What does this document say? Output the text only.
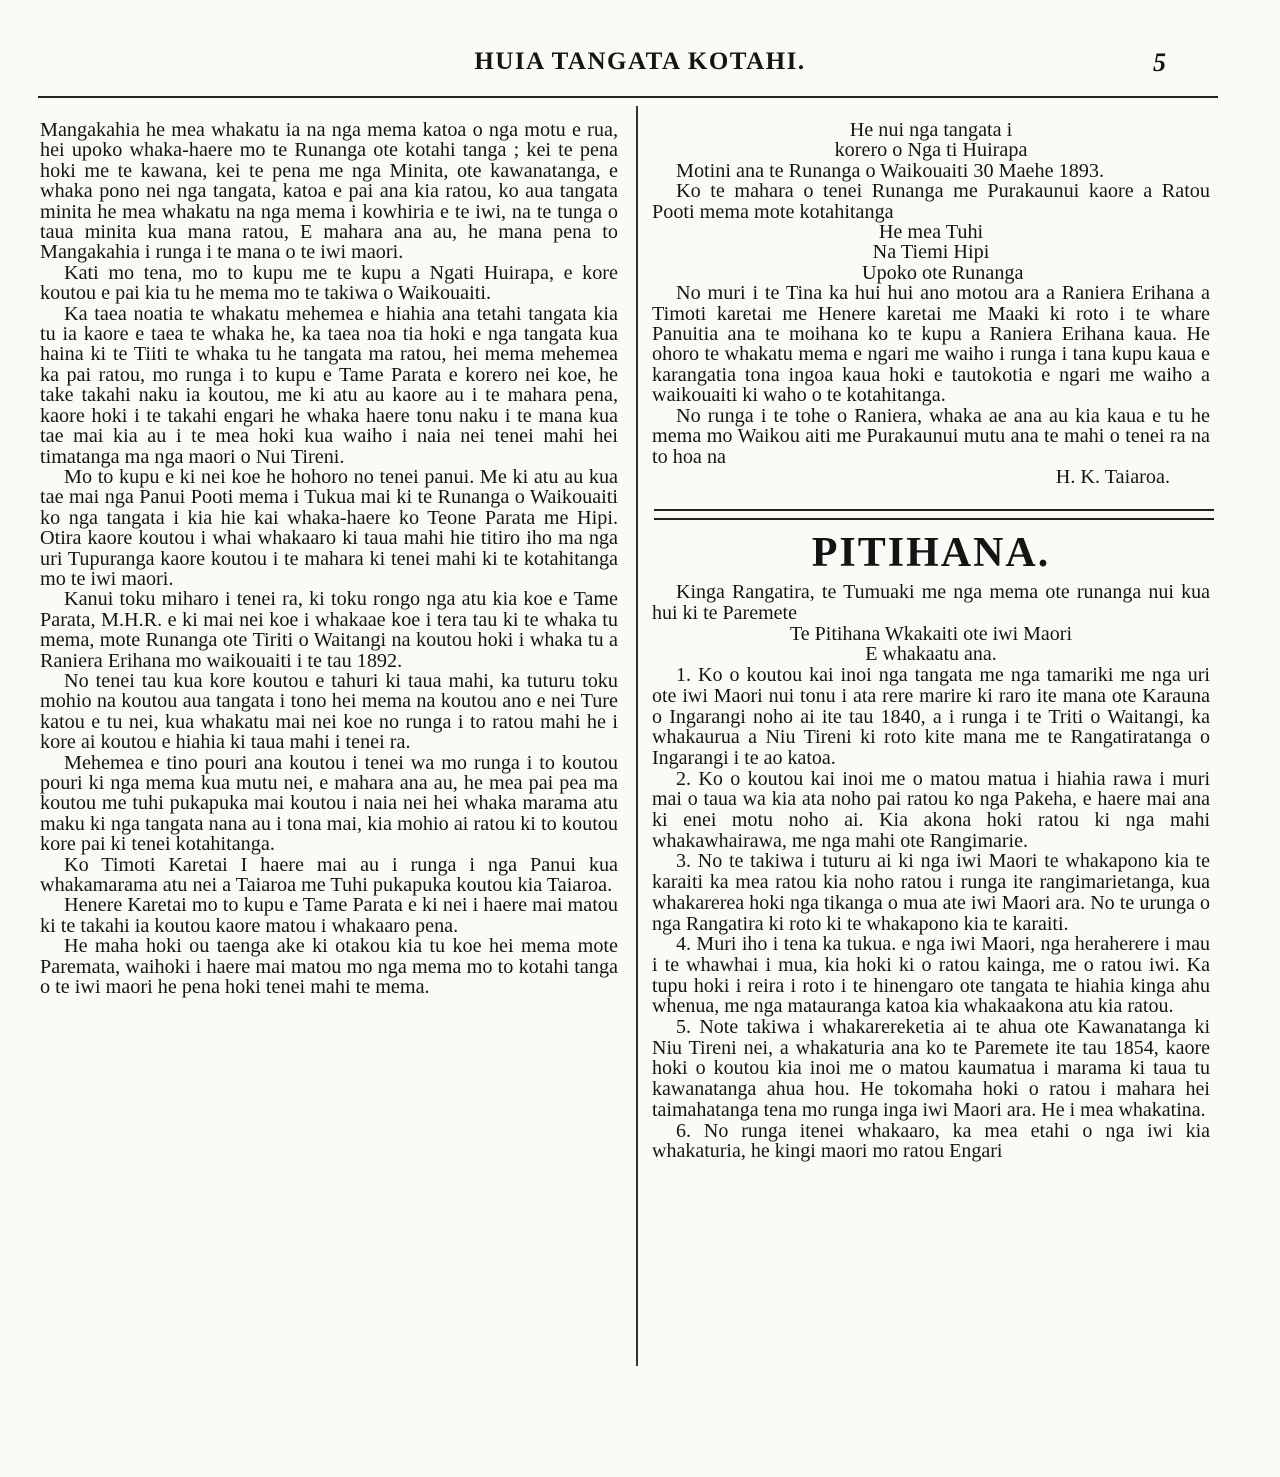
HUIA TANGATA KOTAHI.	5

Mangakahia he mea whakatu ia na nga mema katoa o nga motu e rua, hei upoko whaka-haere mo te Runanga ote kotahi tanga ; kei te pena hoki me te kawana, kei te pena me nga Minita, ote kawanatanga, e whaka pono nei nga tangata, katoa e pai ana kia ratou, ko aua tangata minita he mea whakatu na nga mema i kowhiria e te iwi, na te tunga o taua minita kua mana ratou, E mahara ana au, he mana pena to Mangakahia i runga i te mana o te iwi maori.

Kati mo tena, mo to kupu me te kupu a Ngati Huirapa, e kore koutou e pai kia tu he mema mo te takiwa o Waikouaiti.

Ka taea noatia te whakatu mehemea e hiahia ana tetahi tangata kia tu ia kaore e taea te whaka he, ka taea noa tia hoki e nga tangata kua haina ki te Tiiti te whaka tu he tangata ma ratou, hei mema mehemea ka pai ratou, mo runga i to kupu e Tame Parata e korero nei koe, he take takahi naku ia koutou, me ki atu au kaore au i te mahara pena, kaore hoki i te takahi engari he whaka haere tonu naku i te mana kua tae mai kia au i te mea hoki kua waiho i naia nei tenei mahi hei timatanga ma nga maori o Nui Tireni.

Mo to kupu e ki nei koe he hohoro no tenei panui. Me ki atu au kua tae mai nga Panui Pooti mema i Tukua mai ki te Runanga o Waikouaiti ko nga tangata i kia hie kai whaka-haere ko Teone Parata me Hipi. Otira kaore koutou i whai whakaaro ki taua mahi hie titiro iho ma nga uri Tupuranga kaore koutou i te mahara ki tenei mahi ki te kotahitanga mo te iwi maori.

Kanui toku miharo i tenei ra, ki toku rongo nga atu kia koe e Tame Parata, M.H.R. e ki mai nei koe i whakaae koe i tera tau ki te whaka tu mema, mote Runanga ote Tiriti o Waitangi na koutou hoki i whaka tu a Raniera Erihana mo waikouaiti i te tau 1892.

No tenei tau kua kore koutou e tahuri ki taua mahi, ka tuturu toku mohio na koutou aua tangata i tono hei mema na koutou ano e nei Ture katou e tu nei, kua whakatu mai nei koe no runga i to ratou mahi he i kore ai koutou e hiahia ki taua mahi i tenei ra.

Mehemea e tino pouri ana koutou i tenei wa mo runga i to koutou pouri ki nga mema kua mutu nei, e mahara ana au, he mea pai pea ma koutou me tuhi pukapuka mai koutou i naia nei hei whaka marama atu maku ki nga tangata nana au i tona mai, kia mohio ai ratou ki to koutou kore pai ki tenei kotahitanga.

Ko Timoti Karetai I haere mai au i runga i nga Panui kua whakamarama atu nei a Taiaroa me Tuhi pukapuka koutou kia Taiaroa.

Henere Karetai mo to kupu e Tame Parata e ki nei i haere mai matou ki te takahi ia koutou kaore matou i whakaaro pena.

He maha hoki ou taenga ake ki otakou kia tu koe hei mema mote Paremata, waihoki i haere mai matou mo nga mema mo to kotahi tanga o te iwi maori he pena hoki tenei mahi te mema.

He nui nga tangata i

korero o Nga ti Huirapa

Motini ana te Runanga o Waikouaiti 30 Maehe 1893.

Ko te mahara o tenei Runanga me Purakaunui kaore a Ratou Pooti mema mote kotahitanga

He mea Tuhi

Na Tiemi Hipi

Upoko ote Runanga

No muri i te Tina ka hui hui ano motou ara a Raniera Erihana a Timoti karetai me Henere karetai me Maaki ki roto i te whare Panuitia ana te moihana ko te kupu a Raniera Erihana kaua. He ohoro te whakatu mema e ngari me waiho i runga i tana kupu kaua e karangatia tona ingoa kaua hoki e tautokotia e ngari me waiho a waikouaiti ki waho o te kotahitanga.

No runga i te tohe o Raniera, whaka ae ana au kia kaua e tu he mema mo Waikou aiti me Purakaunui mutu ana te mahi o tenei ra na to hoa na

H. K. Taiaroa.

PITIHANA.

Kinga Rangatira, te Tumuaki me nga mema ote runanga nui kua hui ki te Paremete

Te Pitihana Wkakaiti ote iwi Maori

E whakaatu ana.

1. Ko o koutou kai inoi nga tangata me nga tamariki me nga uri ote iwi Maori nui tonu i ata rere marire ki raro ite mana ote Karauna o Ingarangi noho ai ite tau 1840, a i runga i te Triti o Waitangi, ka whakaurua a Niu Tireni ki roto kite mana me te Rangatiratanga o Ingarangi i te ao katoa.

2. Ko o koutou kai inoi me o matou matua i hiahia rawa i muri mai o taua wa kia ata noho pai ratou ko nga Pakeha, e haere mai ana ki enei motu noho ai. Kia akona hoki ratou ki nga mahi whakawhairawa, me nga mahi ote Rangimarie.

3. No te takiwa i tuturu ai ki nga iwi Maori te whakapono kia te karaiti ka mea ratou kia noho ratou i runga ite rangimarietanga, kua whakarerea hoki nga tikanga o mua ate iwi Maori ara. No te urunga o nga Rangatira ki roto ki te whakapono kia te karaiti.

4. Muri iho i tena ka tukua. e nga iwi Maori, nga heraherere i mau i te whawhai i mua, kia hoki ki o ratou kainga, me o ratou iwi. Ka tupu hoki i reira i roto i te hinengaro ote tangata te hiahia kinga ahu whenua, me nga matauranga katoa kia whakaakona atu kia ratou.

5. Note takiwa i whakarereketia ai te ahua ote Kawanatanga ki Niu Tireni nei, a whakaturia ana ko te Paremete ite tau 1854, kaore hoki o koutou kia inoi me o matou kaumatua i marama ki taua tu kawanatanga ahua hou. He tokomaha hoki o ratou i mahara hei taimahatanga tena mo runga inga iwi Maori ara. He i mea whakatina.

6. No runga itenei whakaaro, ka mea etahi o nga iwi kia whakaturia, he kingi maori mo ratou Engari
